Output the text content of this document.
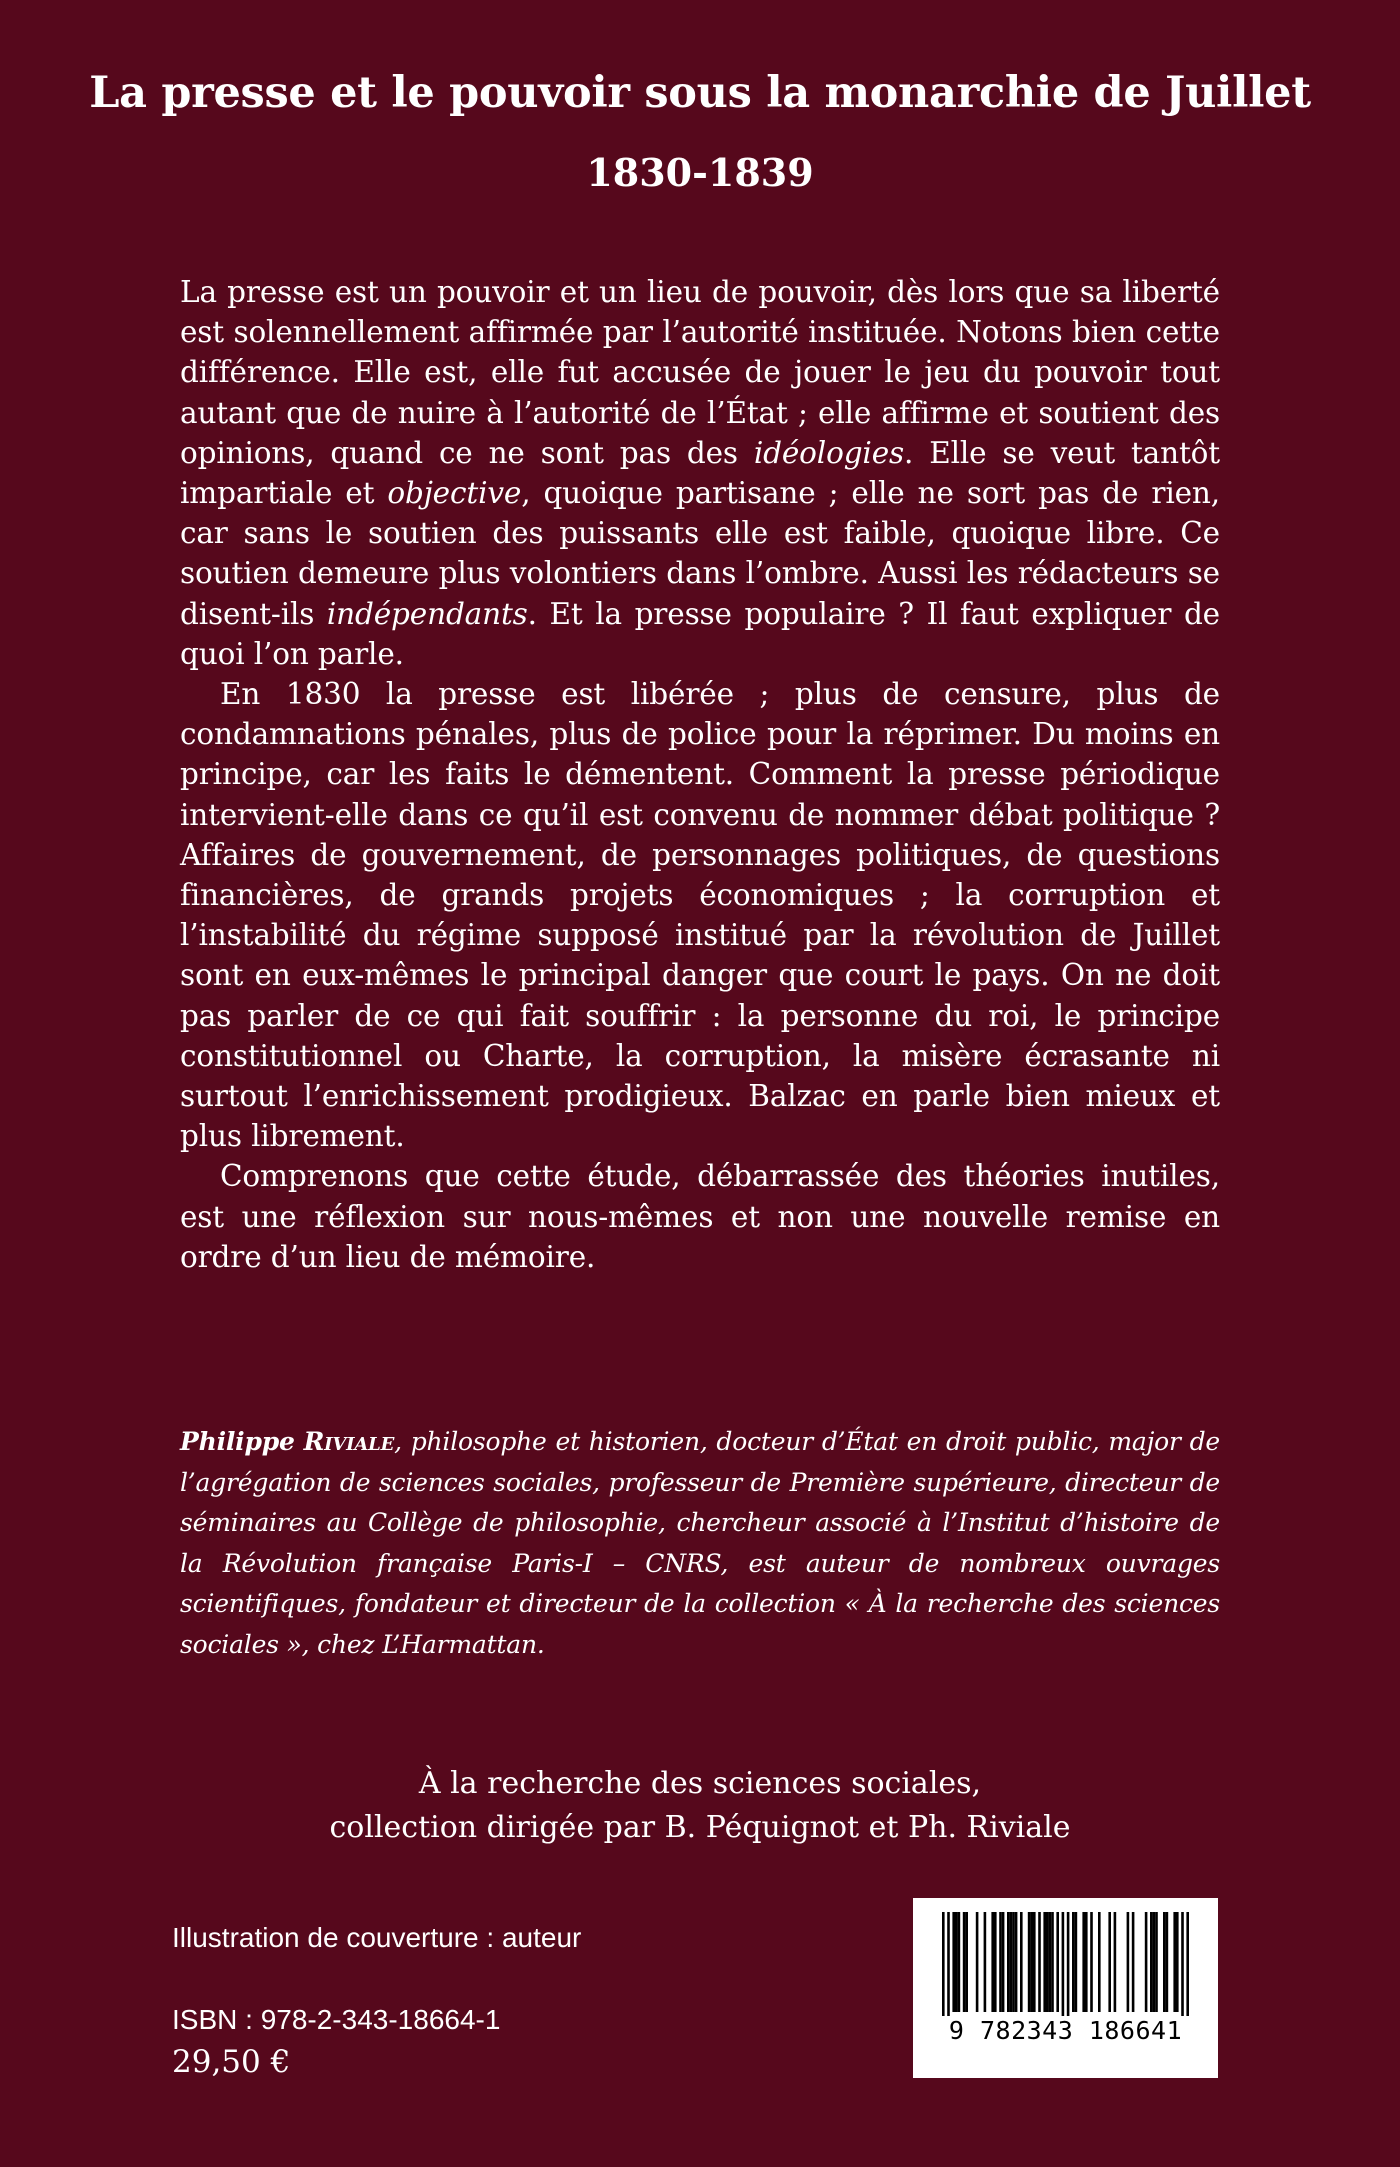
La presse et le pouvoir sous la monarchie de Juillet
1830-1839

La presse est un pouvoir et un lieu de pouvoir, dès lors que sa liberté est solennellement affirmée par l’autorité instituée. Notons bien cette différence. Elle est, elle fut accusée de jouer le jeu du pouvoir tout autant que de nuire à l’autorité de l’État ; elle affirme et soutient des opinions, quand ce ne sont pas des idéologies. Elle se veut tantôt impartiale et objective, quoique partisane ; elle ne sort pas de rien, car sans le soutien des puissants elle est faible, quoique libre. Ce soutien demeure plus volontiers dans l’ombre. Aussi les rédacteurs se disent-ils indépendants. Et la presse populaire ? Il faut expliquer de quoi l’on parle.

En 1830 la presse est libérée ; plus de censure, plus de condamnations pénales, plus de police pour la réprimer. Du moins en principe, car les faits le démentent. Comment la presse périodique intervient-elle dans ce qu’il est convenu de nommer débat politique ? Affaires de gouvernement, de personnages politiques, de questions financières, de grands projets économiques ; la corruption et l’instabilité du régime supposé institué par la révolution de Juillet sont en eux-mêmes le principal danger que court le pays. On ne doit pas parler de ce qui fait souffrir : la personne du roi, le principe constitutionnel ou Charte, la corruption, la misère écrasante ni surtout l’enrichissement prodigieux. Balzac en parle bien mieux et plus librement.

Comprenons que cette étude, débarrassée des théories inutiles, est une réflexion sur nous-mêmes et non une nouvelle remise en ordre d’un lieu de mémoire.

Philippe Riviale, philosophe et historien, docteur d’État en droit public, major de l’agrégation de sciences sociales, professeur de Première supérieure, directeur de séminaires au Collège de philosophie, chercheur associé à l’Institut d’histoire de la Révolution française Paris-I – CNRS, est auteur de nombreux ouvrages scientifiques, fondateur et directeur de la collection « À la recherche des sciences sociales », chez L’Harmattan.
À la recherche des sciences sociales,
collection dirigée par B. Péquignot et Ph. Riviale
Illustration de couverture : auteur
ISBN : 978-2-343-18664-1
29,50 €
9 782343 186641
